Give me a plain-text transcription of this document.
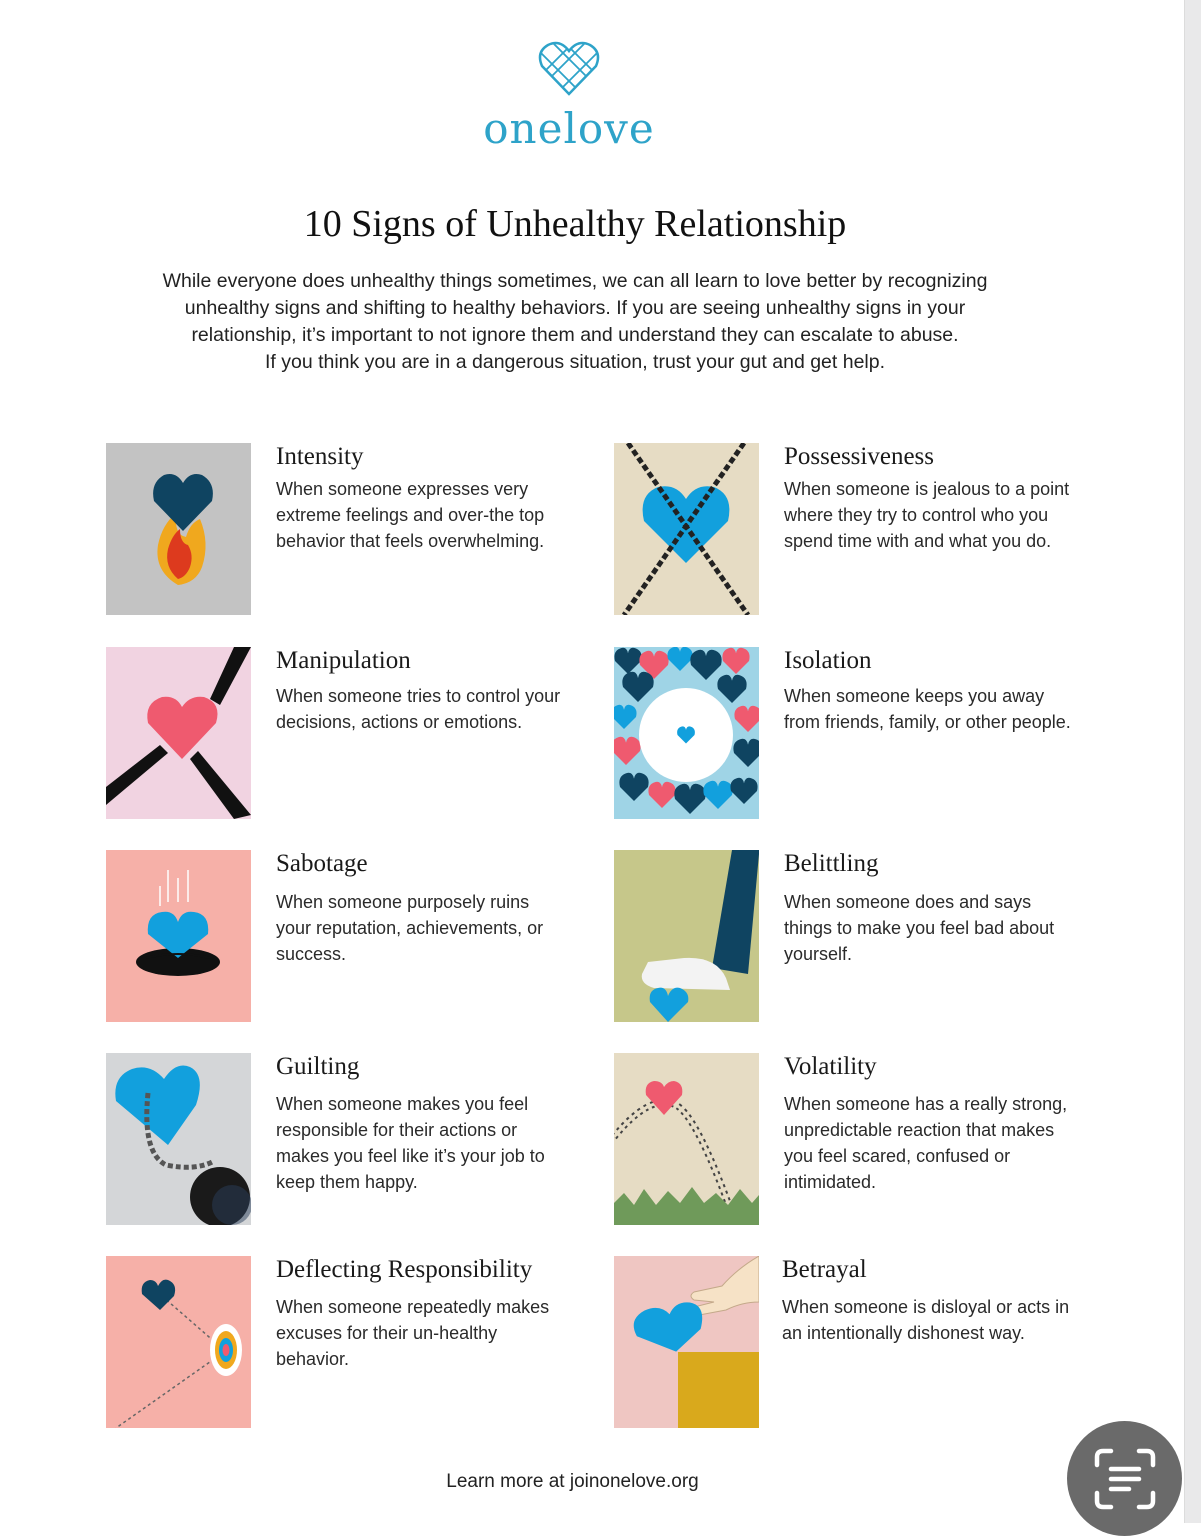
onelove
10 Signs of Unhealthy Relationship

While everyone does unhealthy things sometimes, we can all learn to love better by recognizing

unhealthy signs and shifting to healthy behaviors. If you are seeing unhealthy signs in your

relationship, it’s important to not ignore them and understand they can escalate to abuse.

If you think you are in a dangerous situation, trust your gut and get help.

Intensity
When someone expresses very extreme feelings and over-the top behavior that feels overwhelming.
Possessiveness
When someone is jealous to a point where they try to control who you spend time with and what you do.
Manipulation
When someone tries to control your decisions, actions or emotions.
Isolation
When someone keeps you away from friends, family, or other people.
Sabotage
When someone purposely ruins your reputation, achievements, or success.
Belittling
When someone does and says things to make you feel bad about yourself.
Guilting
When someone makes you feel responsible for their actions or makes you feel like it’s your job to keep them happy.
Volatility
When someone has a really strong, unpredictable reaction that makes you feel scared, confused or intimidated.
Deflecting Responsibility
When someone repeatedly makes excuses for their un-healthy behavior.
Betrayal
When someone is disloyal or acts in an intentionally dishonest way.
Learn more at joinonelove.org
